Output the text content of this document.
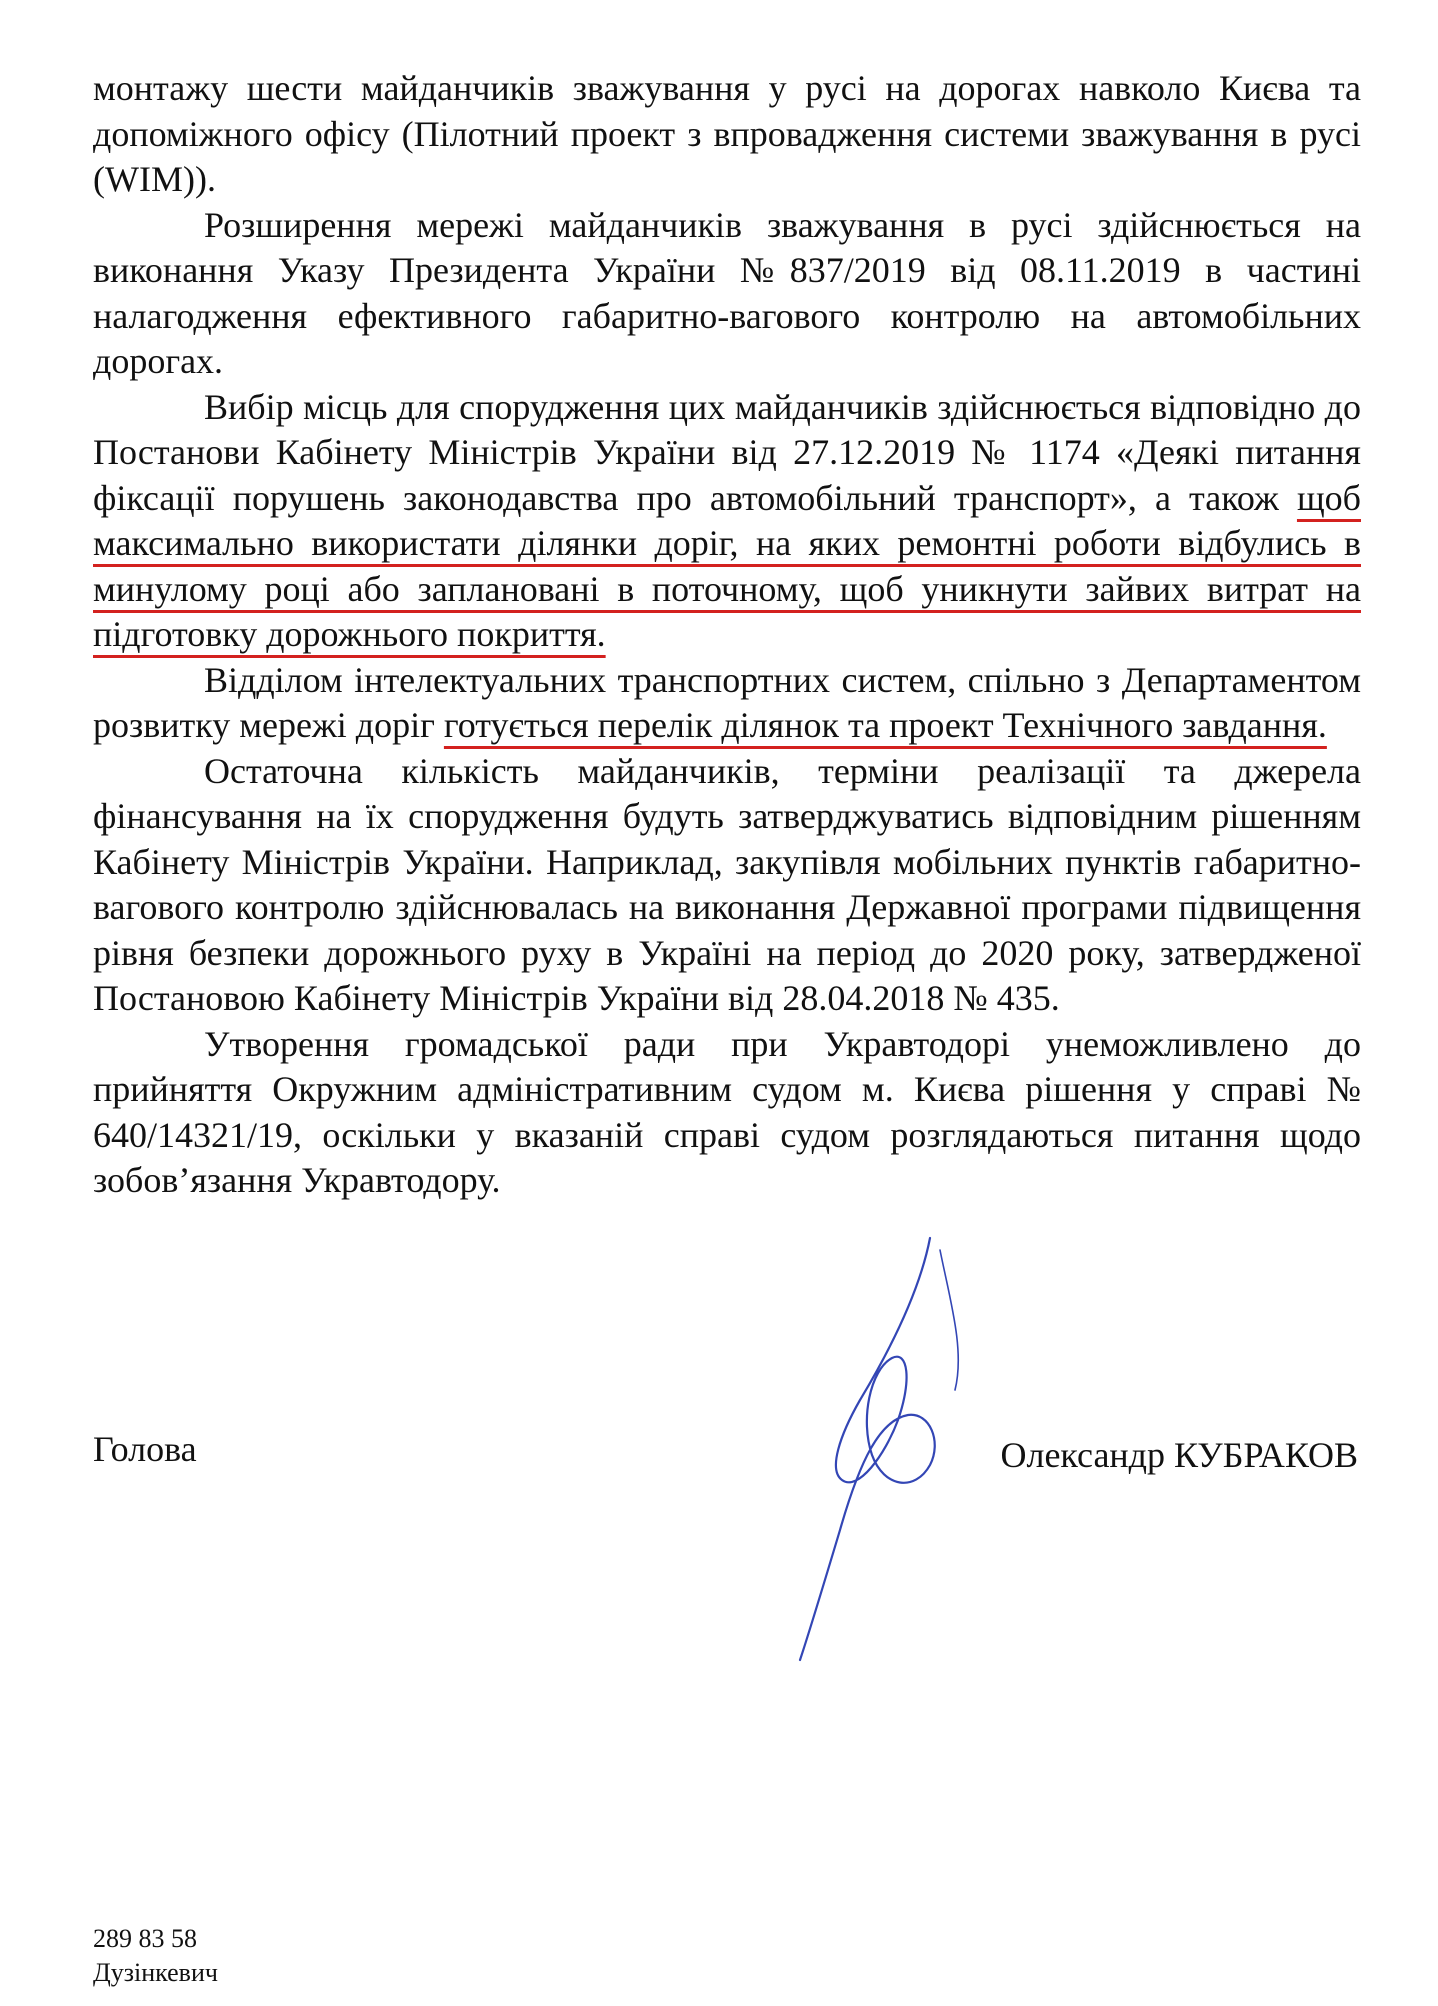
монтажу шести майданчиків зважування у русі на дорогах навколо Києва та допоміжного офісу (Пілотний проект з впровадження системи зважування в русі (WIM)).

Розширення мережі майданчиків зважування в русі здійснюється на виконання Указу Президента України №837/2019 від 08.11.2019 в частині налагодження ефективного габаритно-вагового контролю на автомобільних дорогах.

Вибір місць для спорудження цих майданчиків здійснюється відповідно до Постанови Кабінету Міністрів України від 27.12.2019 № 1174 «Деякі питання фіксації порушень законодавства про автомобільний транспорт», а також щоб максимально використати ділянки доріг, на яких ремонтні роботи відбулись в минулому році або заплановані в поточному, щоб уникнути зайвих витрат на підготовку дорожнього покриття.

Відділом інтелектуальних транспортних систем, спільно з Департаментом розвитку мережі доріг готується перелік ділянок та проект Технічного завдання.

Остаточна кількість майданчиків, терміни реалізації та джерела фінансування на їх спорудження будуть затверджуватись відповідним рішенням Кабінету Міністрів України. Наприклад, закупівля мобільних пунктів габаритно-вагового контролю здійснювалась на виконання Державної програми підвищення рівня безпеки дорожнього руху в Україні на період до 2020 року, затвердженої Постановою Кабінету Міністрів України від 28.04.2018 № 435.

Утворення громадської ради при Укравтодорі унеможливлено до прийняття Окружним адміністративним судом м. Києва рішення у справі № 640/14321/19, оскільки у вказаній справі судом розглядаються питання щодо зобов’язання Укравтодору.

Голова	Олександр КУБРАКОВ
289 83 58
Дузінкевич
